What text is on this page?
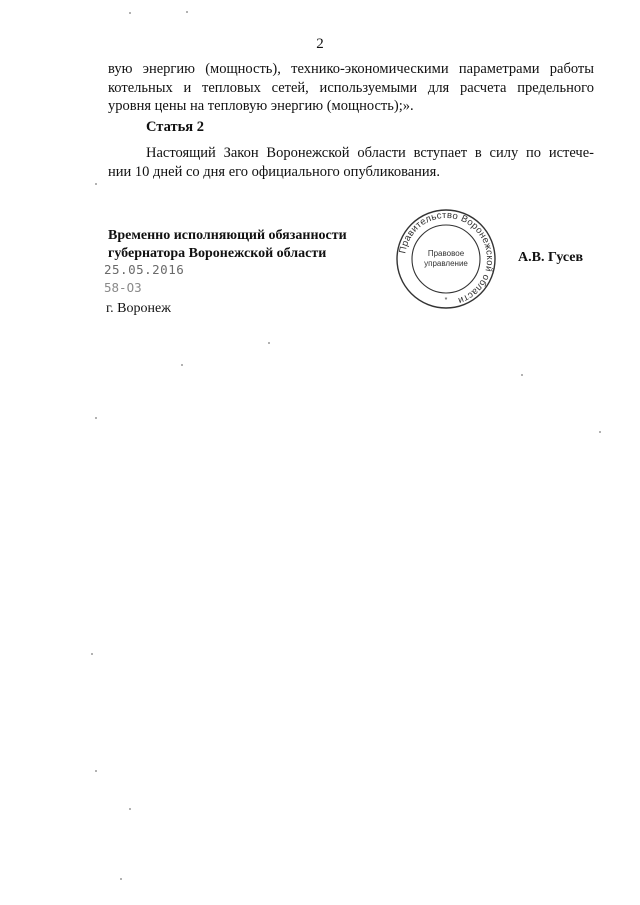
2
вую энергию (мощность), технико-экономическими параметрами работы
котельных и тепловых сетей, используемыми для расчета предельного
уровня цены на тепловую энергию (мощность);».
Статья 2
Настоящий Закон Воронежской области вступает в силу по истече-
нии 10 дней со дня его официального опубликования.
Временно исполняющий обязанности
губернатора Воронежской области
25.05.2016
58-ОЗ
г. Воронеж
Правительство Воронежской области
Правовое
управление
*
А.В. Гусев
